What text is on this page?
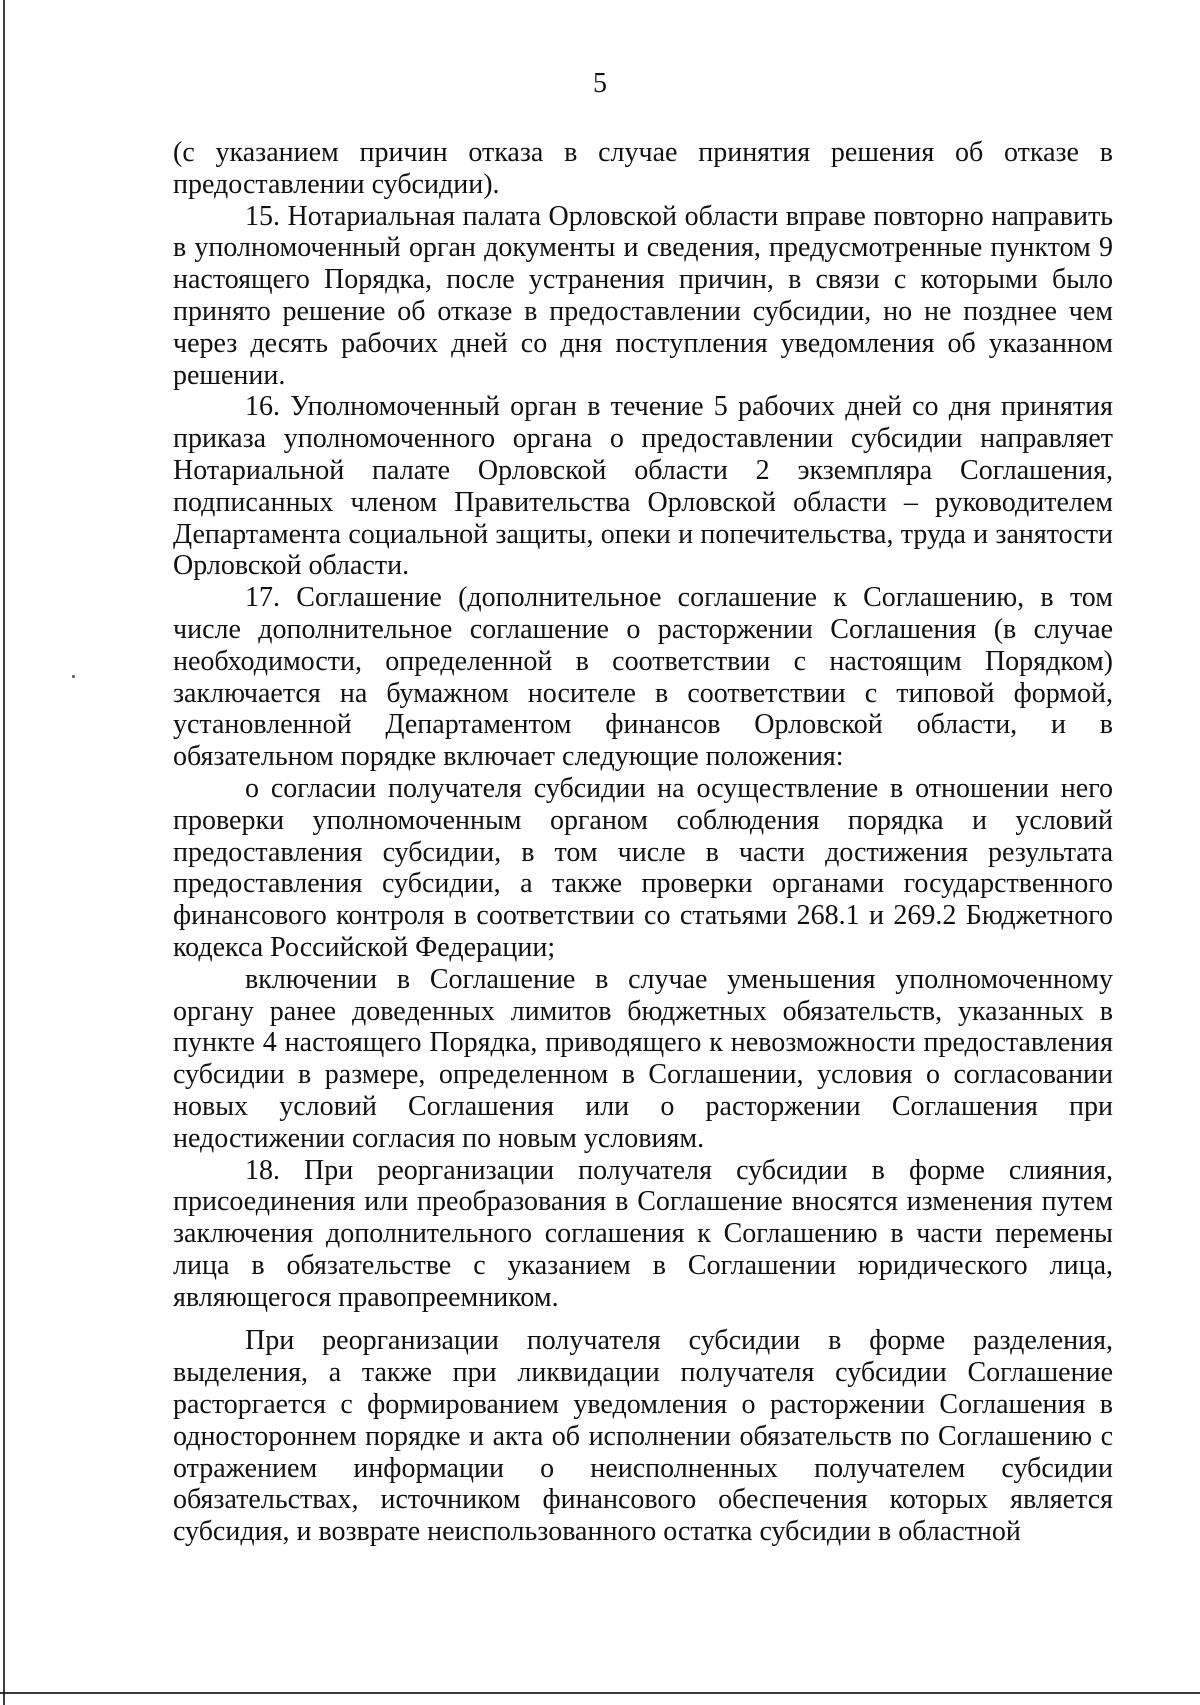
5

(с указанием причин отказа в случае принятия решения об отказе в предоставлении субсидии).

15. Нотариальная палата Орловской области вправе повторно направить в уполномоченный орган документы и сведения, предусмотренные пунктом 9 настоящего Порядка, после устранения причин, в связи с которыми было принято решение об отказе в предоставлении субсидии, но не позднее чем через десять рабочих дней со дня поступления уведомления об указанном решении.

16. Уполномоченный орган в течение 5 рабочих дней со дня принятия приказа уполномоченного органа о предоставлении субсидии направляет Нотариальной палате Орловской области 2 экземпляра Соглашения, подписанных членом Правительства Орловской области – руководителем Департамента социальной защиты, опеки и попечительства, труда и занятости Орловской области.

17. Соглашение (дополнительное соглашение к Соглашению, в том числе дополнительное соглашение о расторжении Соглашения (в случае необходимости, определенной в соответствии с настоящим Порядком) заключается на бумажном носителе в соответствии с типовой формой, установленной Департаментом финансов Орловской области, и в обязательном порядке включает следующие положения:

о согласии получателя субсидии на осуществление в отношении него проверки уполномоченным органом соблюдения порядка и условий предоставления субсидии, в том числе в части достижения результата предоставления субсидии, а также проверки органами государственного финансового контроля в соответствии со статьями 268.1 и 269.2 Бюджетного кодекса Российской Федерации;

включении в Соглашение в случае уменьшения уполномоченному органу ранее доведенных лимитов бюджетных обязательств, указанных в пункте 4 настоящего Порядка, приводящего к невозможности предоставления субсидии в размере, определенном в Соглашении, условия о согласовании новых условий Соглашения или о расторжении Соглашения при недостижении согласия по новым условиям.

18. При реорганизации получателя субсидии в форме слияния, присоединения или преобразования в Соглашение вносятся изменения путем заключения дополнительного соглашения к Соглашению в части перемены лица в обязательстве с указанием в Соглашении юридического лица, являющегося правопреемником.

При реорганизации получателя субсидии в форме разделения, выделения, а также при ликвидации получателя субсидии Соглашение расторгается с формированием уведомления о расторжении Соглашения в одностороннем порядке и акта об исполнении обязательств по Соглашению с отражением информации о неисполненных получателем субсидии обязательствах, источником финансового обеспечения которых является субсидия, и возврате неиспользованного остатка субсидии в областной
